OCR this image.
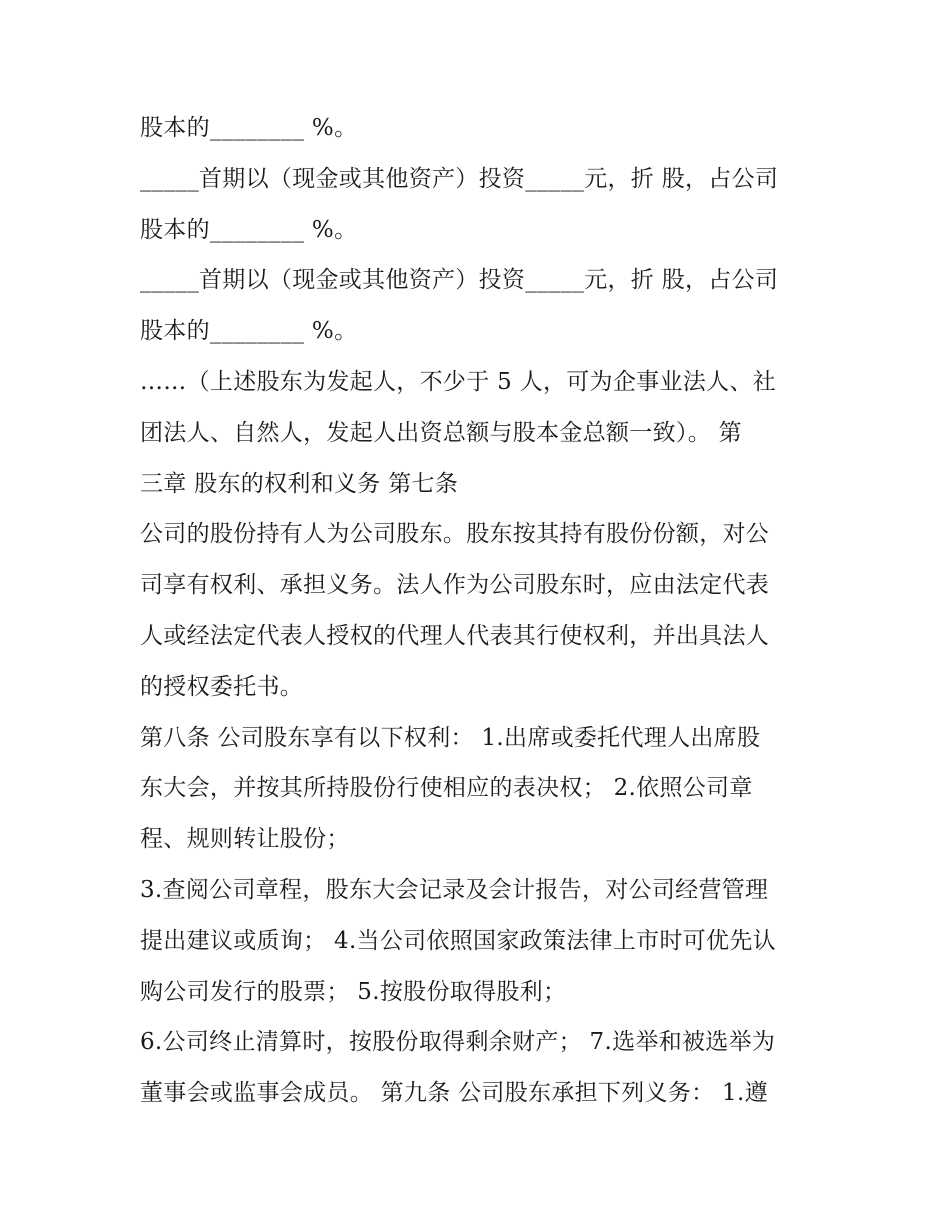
股本的________ %。
_____首期以（现金或其他资产）投资_____元，折 股，占公司
股本的________ %。
_____首期以（现金或其他资产）投资_____元，折 股，占公司
股本的________ %。
……（上述股东为发起人，不少于 5 人，可为企事业法人、社
团法人、自然人，发起人出资总额与股本金总额一致）。 第
三章 股东的权利和义务 第七条
公司的股份持有人为公司股东。股东按其持有股份份额，对公
司享有权利、承担义务。法人作为公司股东时，应由法定代表
人或经法定代表人授权的代理人代表其行使权利，并出具法人
的授权委托书。
第八条 公司股东享有以下权利： 1.出席或委托代理人出席股
东大会，并按其所持股份行使相应的表决权； 2.依照公司章
程、规则转让股份；
3.查阅公司章程，股东大会记录及会计报告，对公司经营管理
提出建议或质询； 4.当公司依照国家政策法律上市时可优先认
购公司发行的股票； 5.按股份取得股利；
6.公司终止清算时，按股份取得剩余财产； 7.选举和被选举为
董事会或监事会成员。 第九条 公司股东承担下列义务： 1.遵
